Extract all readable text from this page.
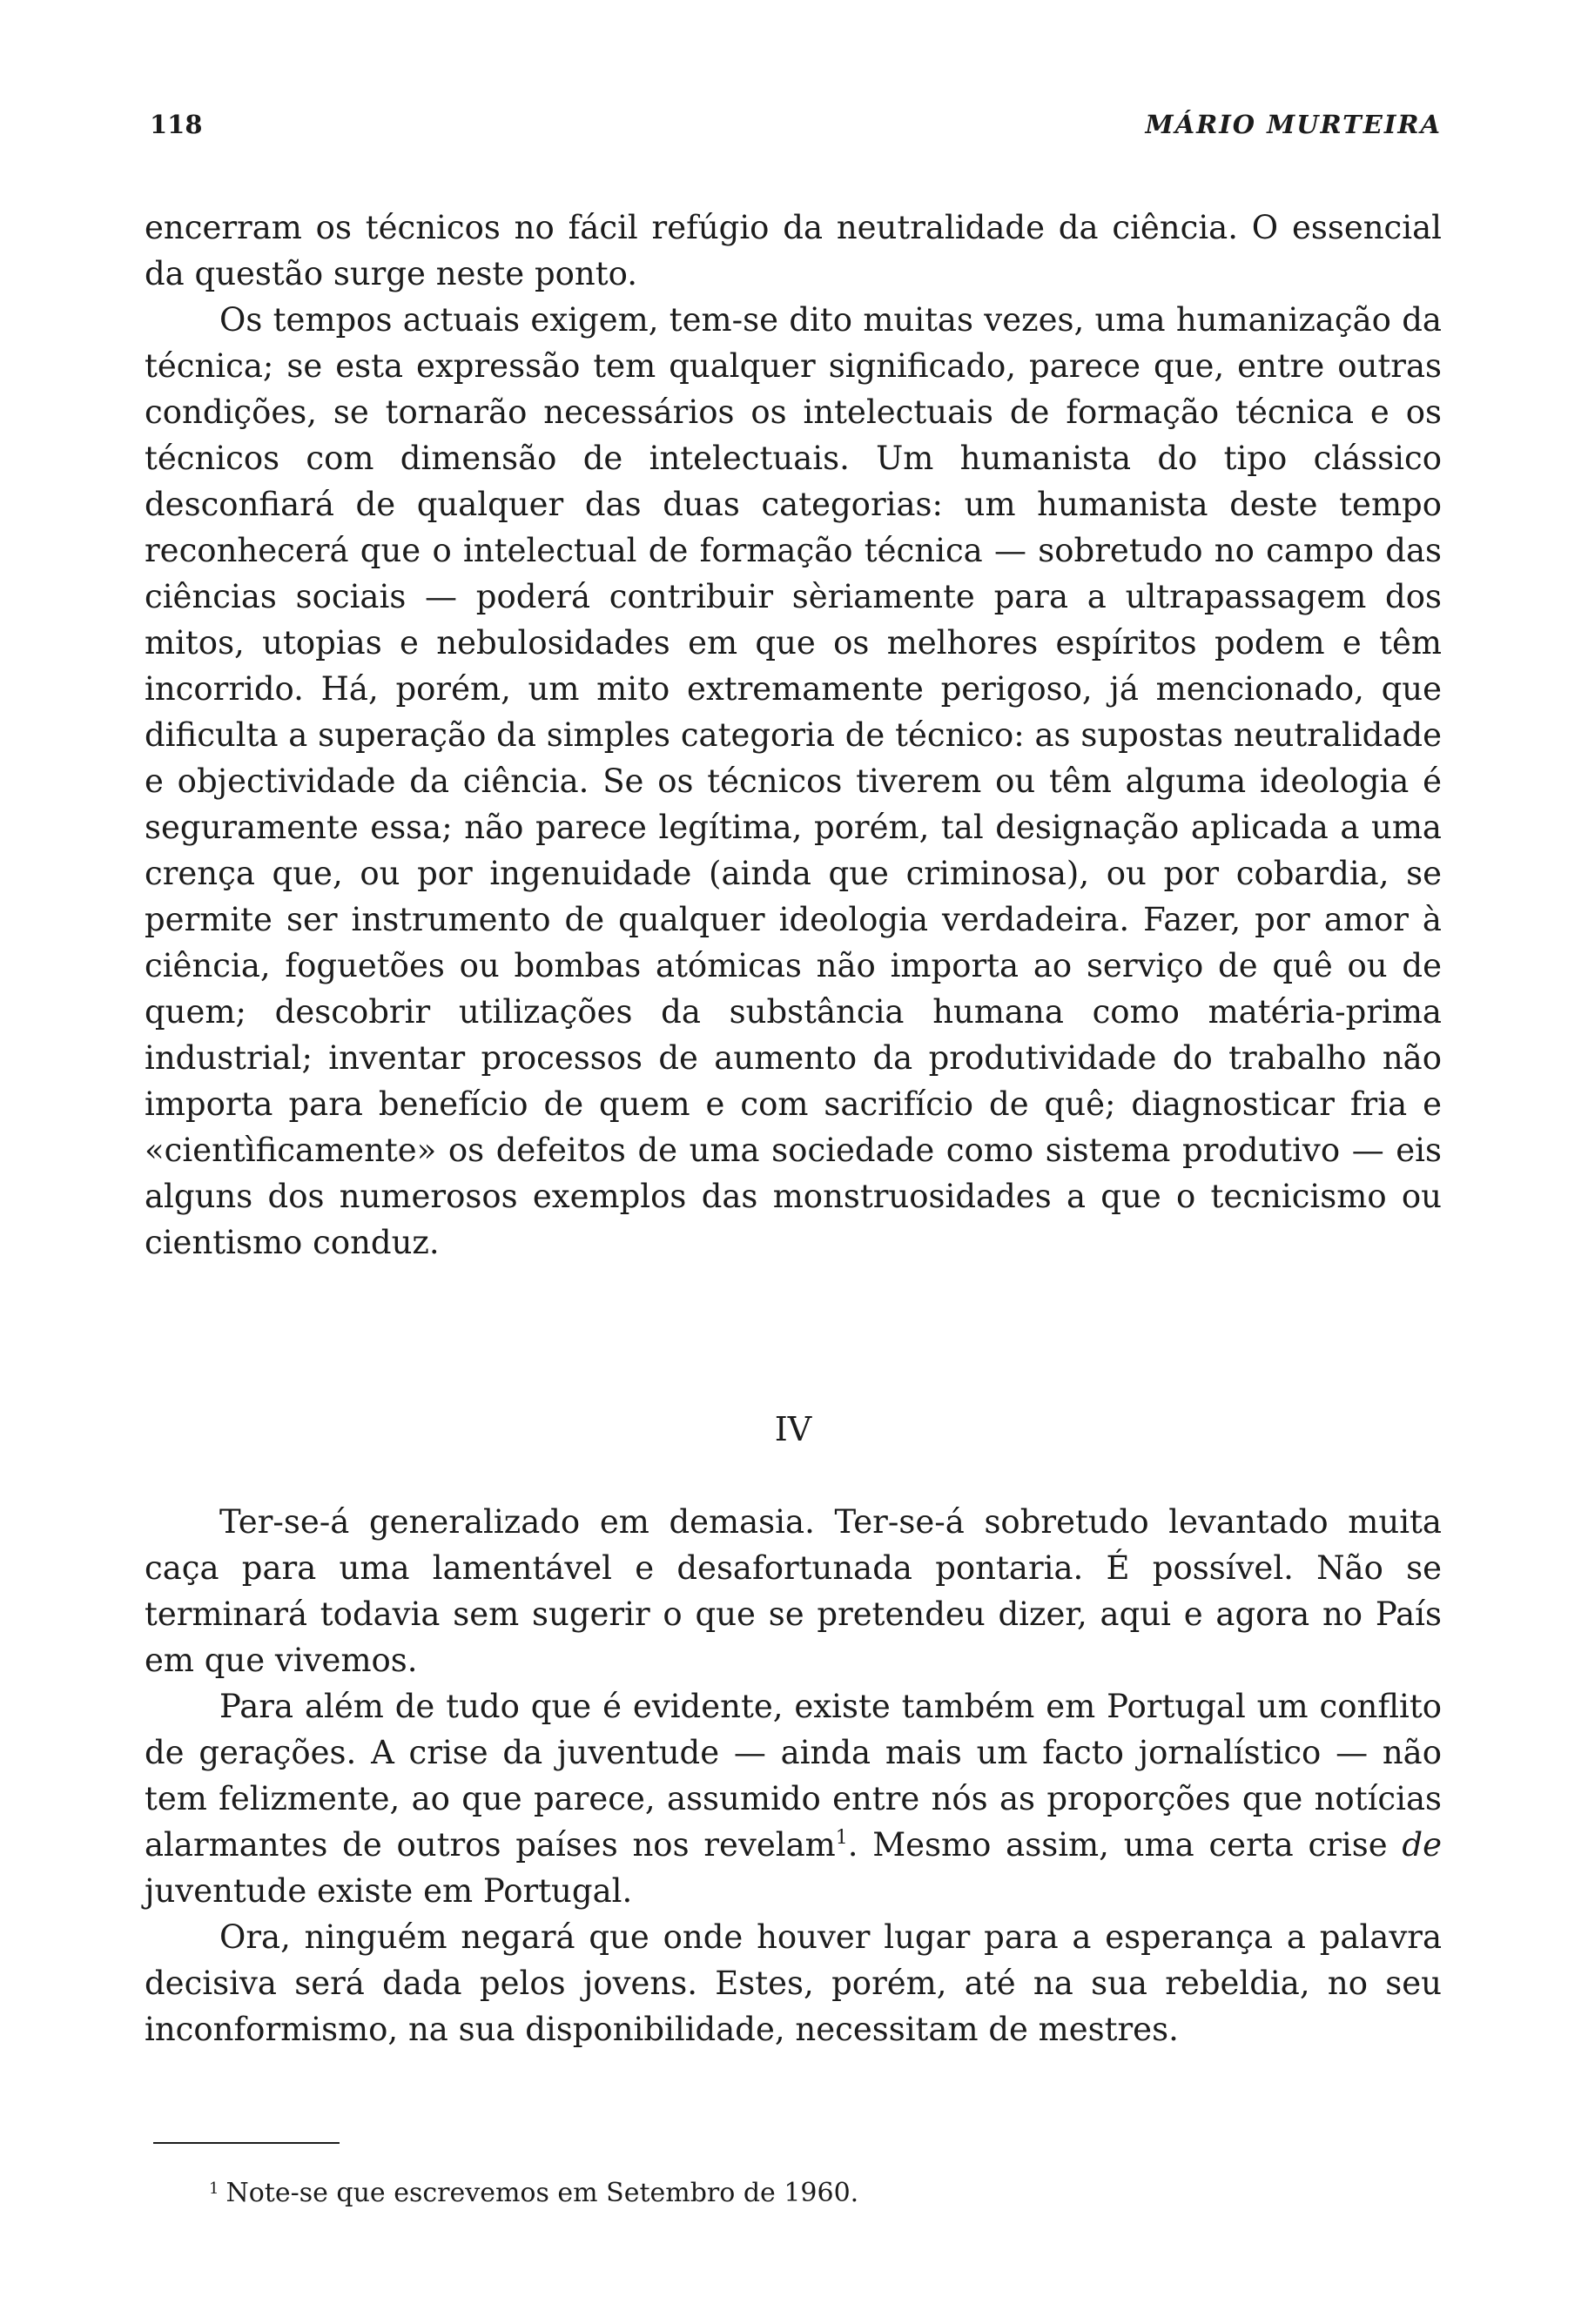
118	MÁRIO MURTEIRA

encerram os técnicos no fácil refúgio da neutralidade da ciência. O essencial da questão surge neste ponto.

Os tempos actuais exigem, tem-se dito muitas vezes, uma humanização da técnica; se esta expressão tem qualquer significado, parece que, entre outras condições, se tornarão necessários os intelectuais de formação técnica e os técnicos com dimensão de intelectuais. Um humanista do tipo clássico desconfiará de qualquer das duas categorias: um humanista deste tempo reconhecerá que o intelectual de formação técnica — sobretudo no campo das ciências sociais — poderá contribuir sèriamente para a ultrapassagem dos mitos, utopias e nebulosidades em que os melhores espíritos podem e têm incorrido. Há, porém, um mito extremamente perigoso, já mencionado, que dificulta a superação da simples categoria de técnico: as supostas neutralidade e objectividade da ciência. Se os técnicos tiverem ou têm alguma ideologia é seguramente essa; não parece legítima, porém, tal designação aplicada a uma crença que, ou por ingenuidade (ainda que criminosa), ou por cobardia, se permite ser instrumento de qualquer ideologia verdadeira. Fazer, por amor à ciência, foguetões ou bombas atómicas não importa ao serviço de quê ou de quem; descobrir utilizações da substância humana como matéria-prima industrial; inventar processos de aumento da produtividade do trabalho não importa para benefício de quem e com sacrifício de quê; diagnosticar fria e «cientìficamente» os defeitos de uma sociedade como sistema produtivo — eis alguns dos numerosos exemplos das monstruosidades a que o tecnicismo ou cientismo conduz.

IV

Ter-se-á generalizado em demasia. Ter-se-á sobretudo levantado muita caça para uma lamentável e desafortunada pontaria. É possível. Não se terminará todavia sem sugerir o que se pretendeu dizer, aqui e agora no País em que vivemos.

Para além de tudo que é evidente, existe também em Portugal um conflito de gerações. A crise da juventude — ainda mais um facto jornalístico — não tem felizmente, ao que parece, assumido entre nós as proporções que notícias alarmantes de outros países nos revelam$^1$. Mesmo assim, uma certa crise de juventude existe em Portugal.

Ora, ninguém negará que onde houver lugar para a esperança a palavra decisiva será dada pelos jovens. Estes, porém, até na sua rebeldia, no seu inconformismo, na sua disponibilidade, necessitam de mestres.

$^1$ Note-se que escrevemos em Setembro de 1960.
